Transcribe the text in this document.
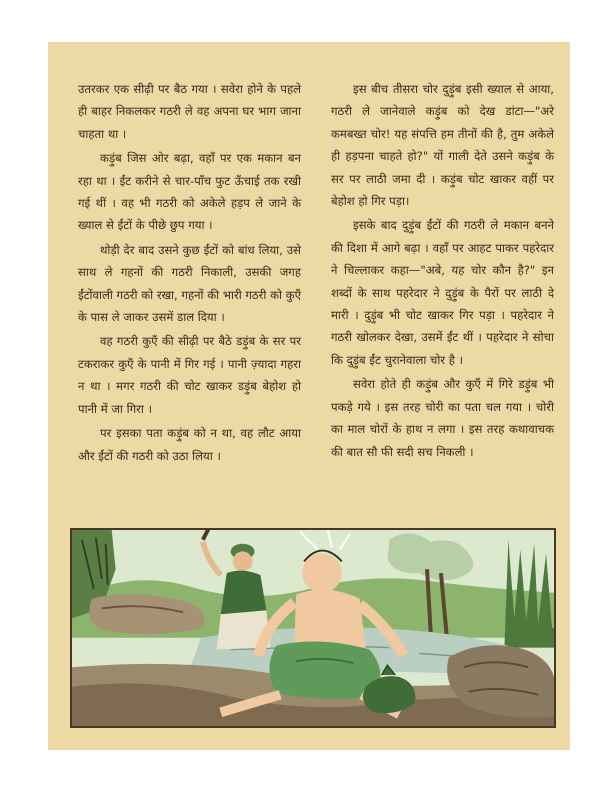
उतरकर एक सीढ़ी पर बैठ गया । सवेरा होने के पहले ही बाहर निकलकर गठरी ले वह अपना घर भाग जाना चाहता था ।

कड़ुंब जिस ओर बढ़ा, वहाँ पर एक मकान बन रहा था । ईंट करीने से चार-पाँच फुट ऊँचाई तक रखी गई थीं । वह भी गठरी को अकेले हड़प ले जाने के ख्याल से ईंटों के पीछे छुप गया ।

थोड़ी देर बाद उसने कुछ ईंटों को बांध लिया, उसे साथ ले गहनों की गठरी निकाली, उसकी जगह ईंटोंवाली गठरी को रखा, गहनों की भारी गठरी को कुएँ के पास ले जाकर उसमें डाल दिया ।

वह गठरी कुएँ की सीढ़ी पर बैठे डड़ुंब के सर पर टकराकर कुएँ के पानी में गिर गई । पानी ज़्यादा गहरा न था । मगर गठरी की चोट खाकर डड़ुंब बेहोश हो पानी में जा गिरा ।

पर इसका पता कड़ुंब को न था, वह लौट आया और ईंटों की गठरी को उठा लिया ।

इस बीच तीसरा चोर दुड़ुंब इसी ख्याल से आया, गठरी ले जानेवाले कड़ुंब को देख डांटा—"अरे कमबख्त चोर! यह संपत्ति हम तीनों की है, तुम अकेले ही हड़पना चाहते हो?" यों गाली देते उसने कड़ुंब के सर पर लाठी जमा दी । कड़ुंब चोट खाकर वहीं पर बेहोश हो गिर पड़ा।

इसके बाद दुड़ुंब ईंटों की गठरी ले मकान बनने की दिशा में आगे बढ़ा । वहाँ पर आहट पाकर पहरेदार ने चिल्लाकर कहा—"अबे, यह चोर कौन है?" इन शब्दों के साथ पहरेदार ने दुड़ुंब के पैरों पर लाठी दे मारी । दुड़ुंब भी चोट खाकर गिर पड़ा । पहरेदार ने गठरी खोलकर देखा, उसमें ईंट थीं । पहरेदार ने सोचा कि दुड़ुंब ईंट चुरानेवाला चोर है ।

सवेरा होते ही कड़ुंब और कुएँ में गिरे डड़ुंब भी पकड़े गये । इस तरह चोरी का पता चल गया । चोरी का माल चोरों के हाथ न लगा । इस तरह कथावाचक की बात सौ फी सदी सच निकली ।
